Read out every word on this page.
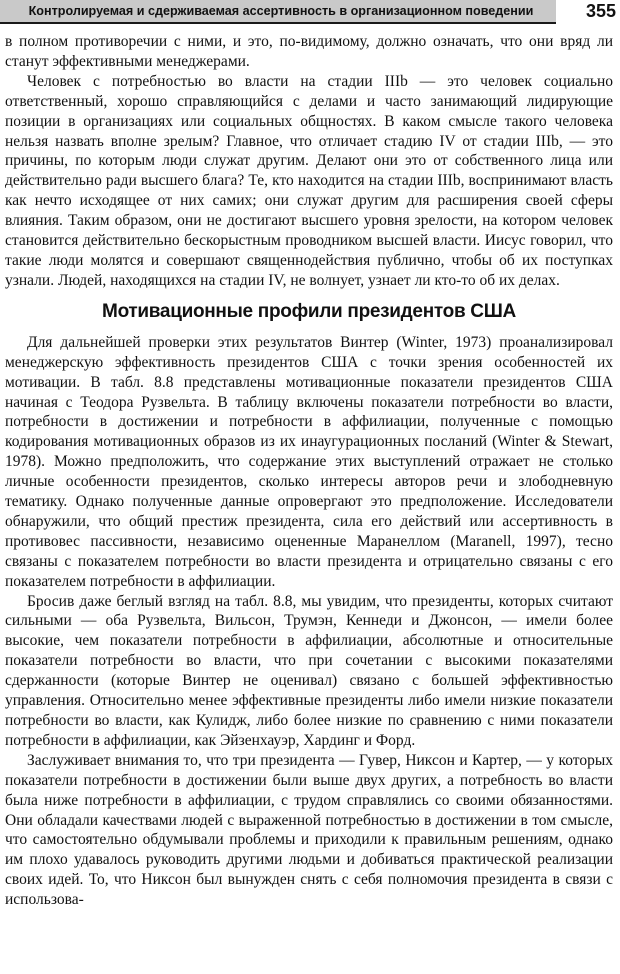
Контролируемая и сдерживаемая ассертивность в организационном поведении	355

в полном противоречии с ними, и это, по-видимому, должно означать, что они вряд ли станут эффективными менеджерами.

Человек с потребностью во власти на стадии IIIb — это человек социально ответственный, хорошо справляющийся с делами и часто занимающий лидирующие позиции в организациях или социальных общностях. В каком смысле такого человека нельзя назвать вполне зрелым? Главное, что отличает стадию IV от стадии IIIb, — это причины, по которым люди служат другим. Делают они это от собственного лица или действительно ради высшего блага? Те, кто находится на стадии IIIb, воспринимают власть как нечто исходящее от них самих; они служат другим для расширения своей сферы влияния. Таким образом, они не достигают высшего уровня зрелости, на котором человек становится действительно бескорыстным проводником высшей власти. Иисус говорил, что такие люди молятся и совершают священнодействия публично, чтобы об их поступках узнали. Людей, находящихся на стадии IV, не волнует, узнает ли кто-то об их делах.

Мотивационные профили президентов США

Для дальнейшей проверки этих результатов Винтер (Winter, 1973) проанализировал менеджерскую эффективность президентов США с точки зрения особенностей их мотивации. В табл. 8.8 представлены мотивационные показатели президентов США начиная с Теодора Рузвельта. В таблицу включены показатели потребности во власти, потребности в достижении и потребности в аффилиации, полученные с помощью кодирования мотивационных образов из их инаугурационных посланий (Winter & Stewart, 1978). Можно предположить, что содержание этих выступлений отражает не столько личные особенности президентов, сколько интересы авторов речи и злободневную тематику. Однако полученные данные опровергают это предположение. Исследователи обнаружили, что общий престиж президента, сила его действий или ассертивность в противовес пассивности, независимо оцененные Маранеллом (Maranell, 1997), тесно связаны с показателем потребности во власти президента и отрицательно связаны с его показателем потребности в аффилиации.

Бросив даже беглый взгляд на табл. 8.8, мы увидим, что президенты, которых считают сильными — оба Рузвельта, Вильсон, Трумэн, Кеннеди и Джонсон, — имели более высокие, чем показатели потребности в аффилиации, абсолютные и относительные показатели потребности во власти, что при сочетании с высокими показателями сдержанности (которые Винтер не оценивал) связано с большей эффективностью управления. Относительно менее эффективные президенты либо имели низкие показатели потребности во власти, как Кулидж, либо более низкие по сравнению с ними показатели потребности в аффилиации, как Эйзенхауэр, Хардинг и Форд.

Заслуживает внимания то, что три президента — Гувер, Никсон и Картер, — у которых показатели потребности в достижении были выше двух других, а потребность во власти была ниже потребности в аффилиации, с трудом справлялись со своими обязанностями. Они обладали качествами людей с выраженной потребностью в достижении в том смысле, что самостоятельно обдумывали проблемы и приходили к правильным решениям, однако им плохо удавалось руководить другими людьми и добиваться практической реализации своих идей. То, что Никсон был вынужден снять с себя полномочия президента в связи с использова-
